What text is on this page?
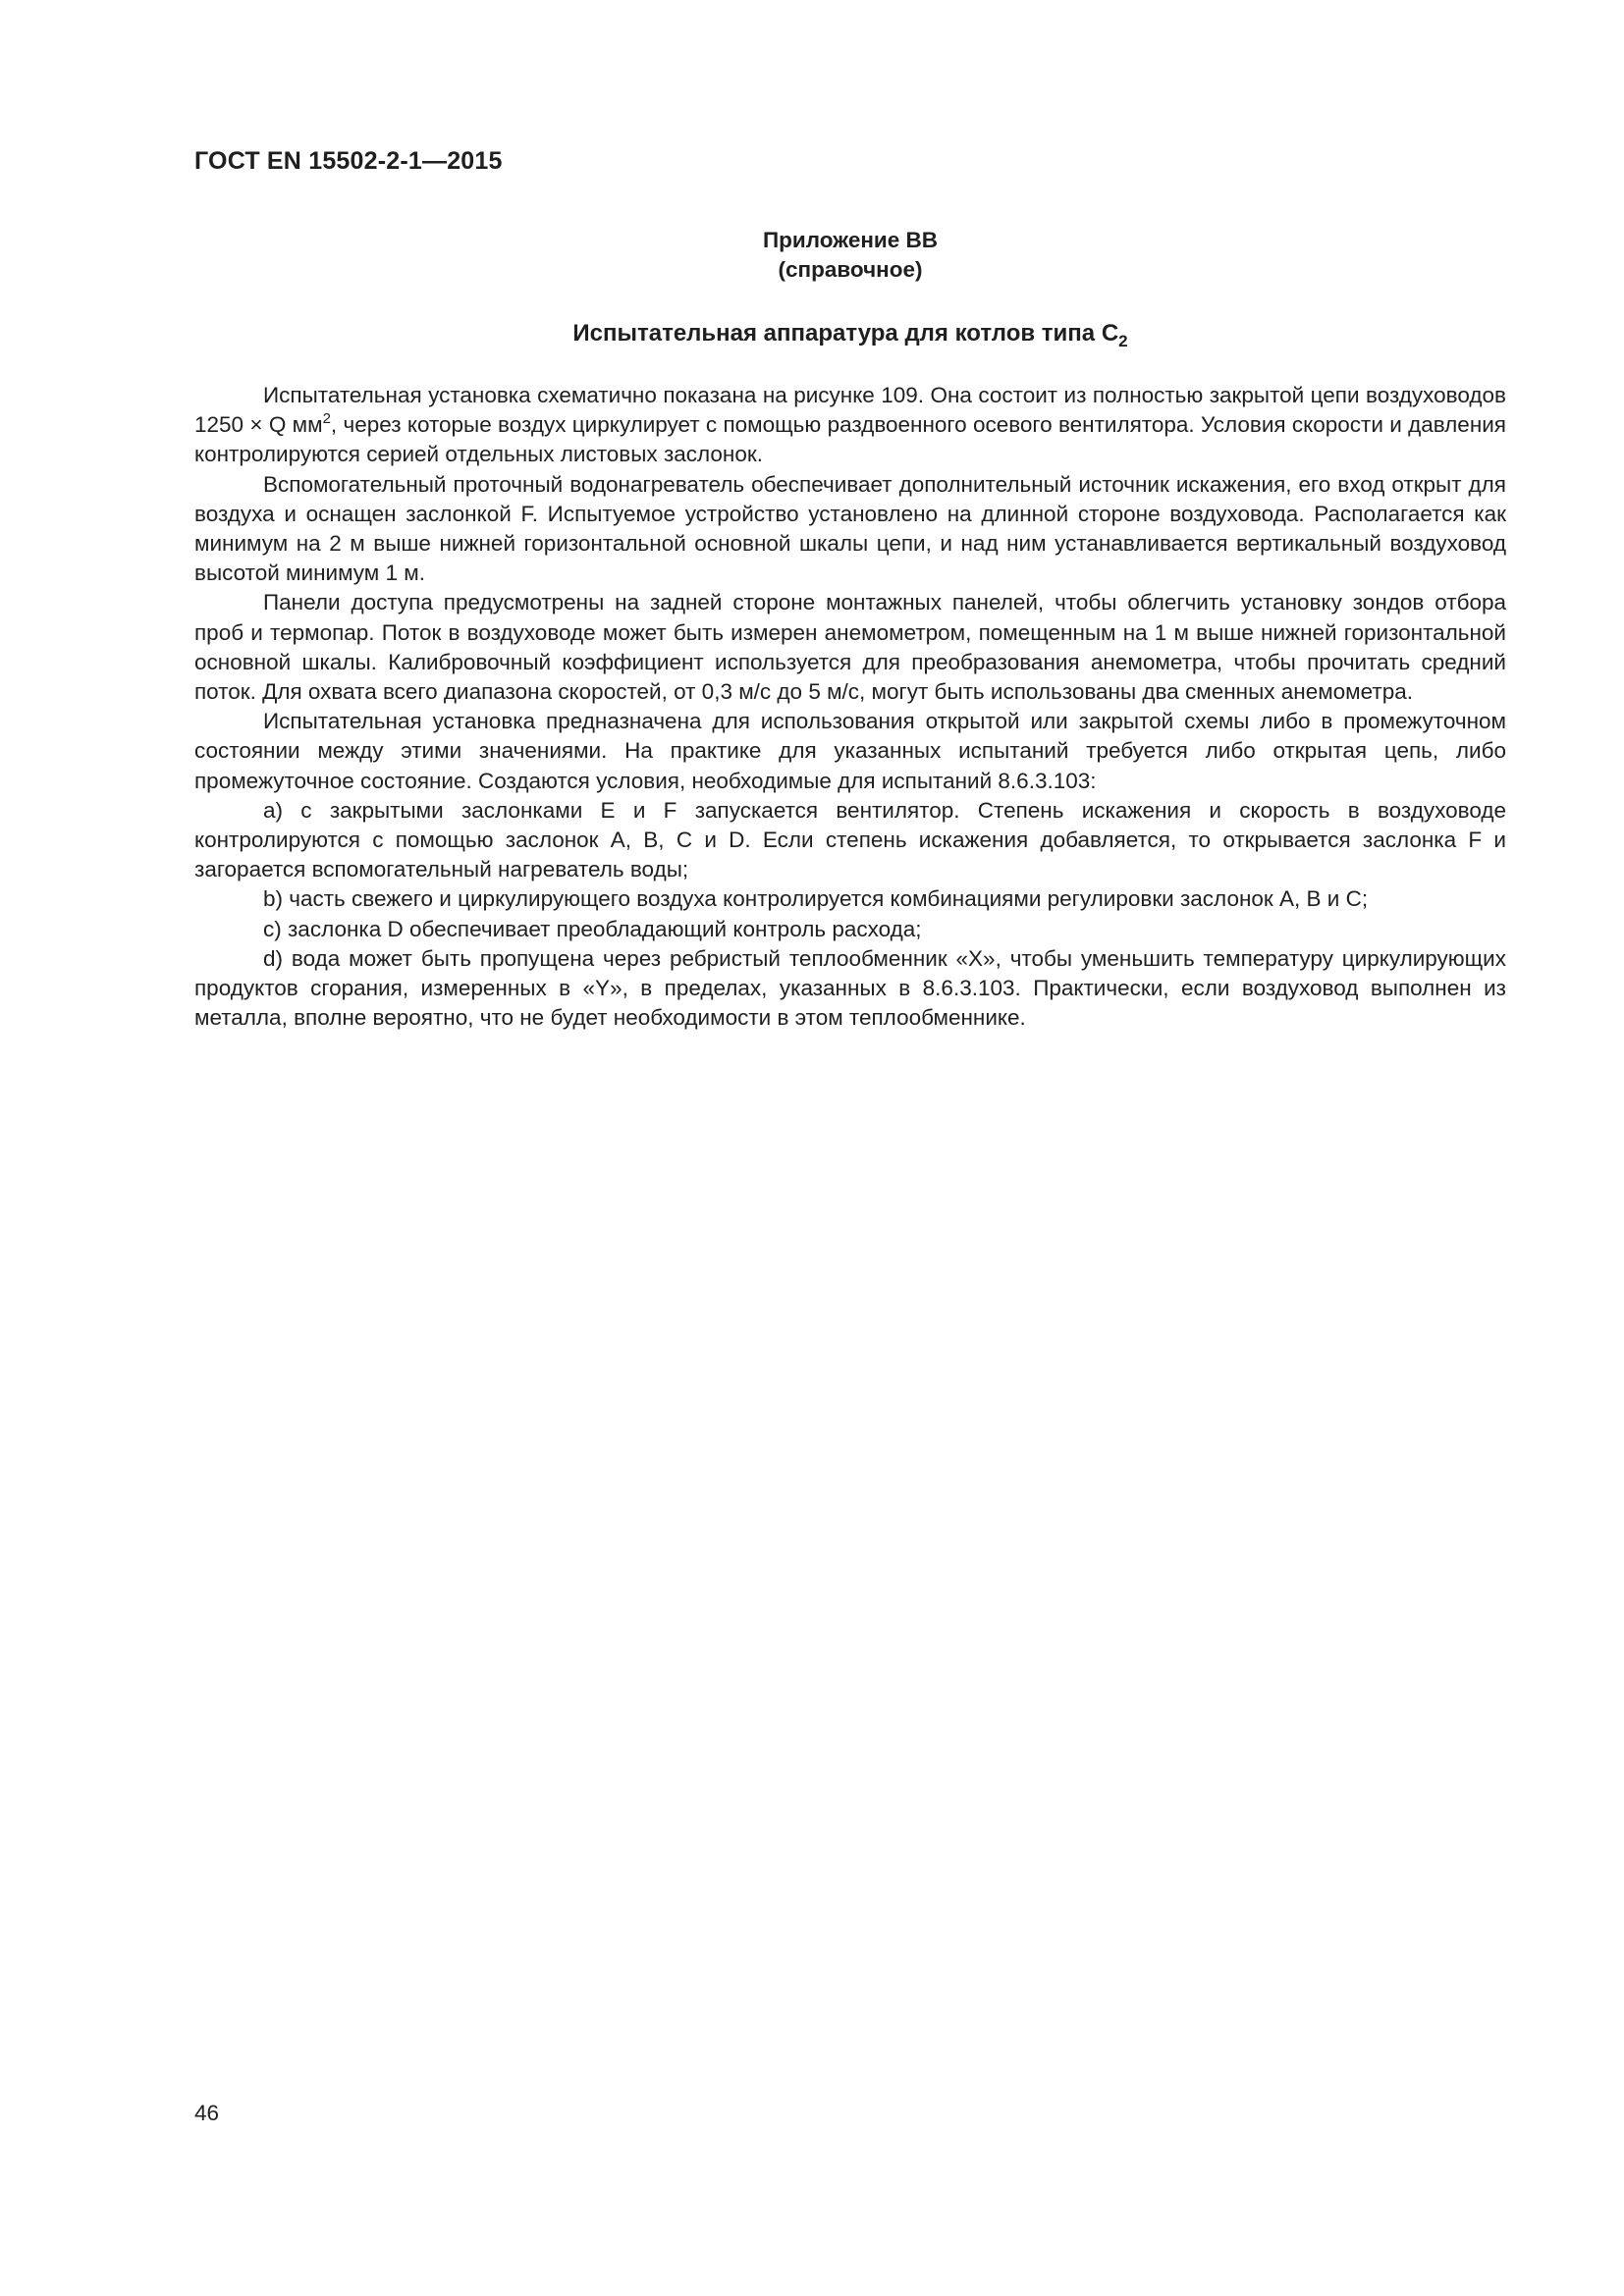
ГОСТ EN 15502-2-1—2015
Приложение ВВ
(справочное)
Испытательная аппаратура для котлов типа $С_2$

Испытательная установка схематично показана на рисунке 109. Она состоит из полностью закрытой цепи воздуховодов 1250 × Q $мм^2$, через которые воздух циркулирует с помощью раздвоенного осевого вентилятора. Условия скорости и давления контролируются серией отдельных листовых заслонок.

Вспомогательный проточный водонагреватель обеспечивает дополнительный источник искажения, его вход открыт для воздуха и оснащен заслонкой F. Испытуемое устройство установлено на длинной стороне воздуховода. Располагается как минимум на 2 м выше нижней горизонтальной основной шкалы цепи, и над ним устанавливается вертикальный воздуховод высотой минимум 1 м.

Панели доступа предусмотрены на задней стороне монтажных панелей, чтобы облегчить установку зондов отбора проб и термопар. Поток в воздуховоде может быть измерен анемометром, помещенным на 1 м выше нижней горизонтальной основной шкалы. Калибровочный коэффициент используется для преобразования анемометра, чтобы прочитать средний поток. Для охвата всего диапазона скоростей, от 0,3 м/с до 5 м/с, могут быть использованы два сменных анемометра.

Испытательная установка предназначена для использования открытой или закрытой схемы либо в промежуточном состоянии между этими значениями. На практике для указанных испытаний требуется либо открытая цепь, либо промежуточное состояние. Создаются условия, необходимые для испытаний 8.6.3.103:

а) с закрытыми заслонками E и F запускается вентилятор. Степень искажения и скорость в воздуховоде контролируются с помощью заслонок A, B, C и D. Если степень искажения добавляется, то открывается заслонка F и загорается вспомогательный нагреватель воды;

b) часть свежего и циркулирующего воздуха контролируется комбинациями регулировки заслонок A, B и C;

c) заслонка D обеспечивает преобладающий контроль расхода;

d) вода может быть пропущена через ребристый теплообменник «X», чтобы уменьшить температуру циркулирующих продуктов сгорания, измеренных в «Y», в пределах, указанных в 8.6.3.103. Практически, если воздуховод выполнен из металла, вполне вероятно, что не будет необходимости в этом теплообменнике.

46
